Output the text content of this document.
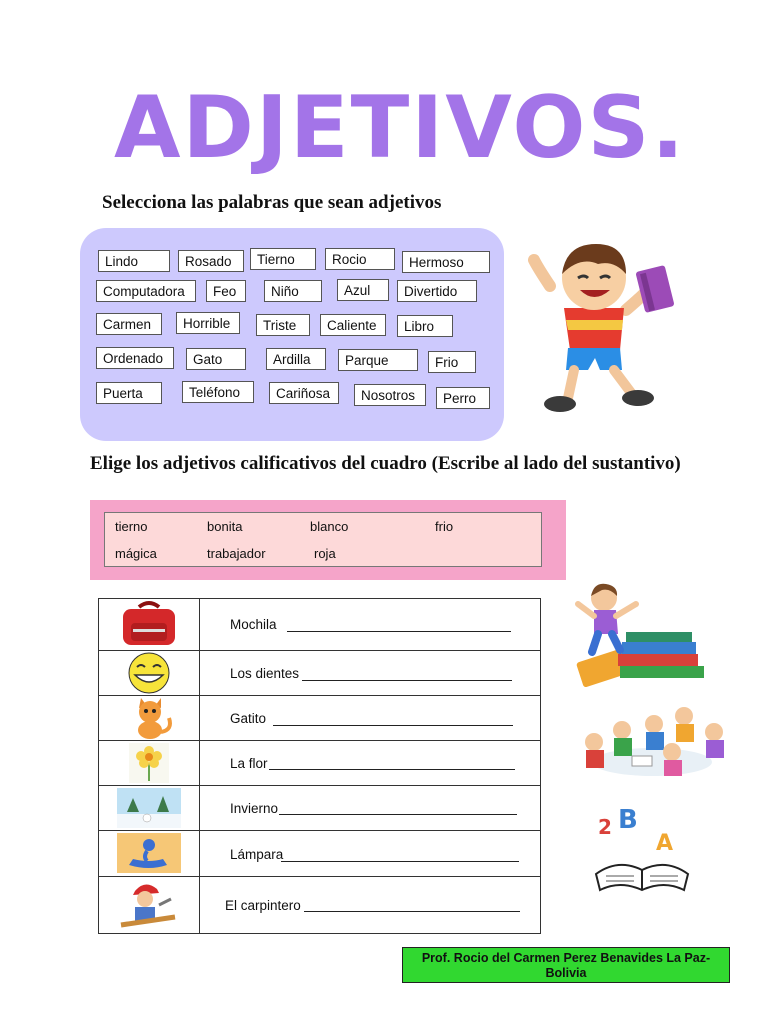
ADJETIVOS.
Selecciona las palabras que sean adjetivos
Lindo	Rosado	Tierno	Rocio	Hermoso
Computadora	Feo	Niño	Azul	Divertido
Carmen	Horrible	Triste	Caliente	Libro
Ordenado	Gato	Ardilla	Parque	Frio
Puerta	Teléfono	Cariñosa	Nosotros	Perro
Elige los adjetivos calificativos del cuadro (Escribe al lado del sustantivo)
tierno	bonita	blanco	frio
mágica	trabajador	roja
Mochila
Los dientes
Gatito
La flor
Invierno
Lámpara
El carpintero
2 B
A
Prof. Rocio del Carmen Perez Benavides La Paz- Bolivia
